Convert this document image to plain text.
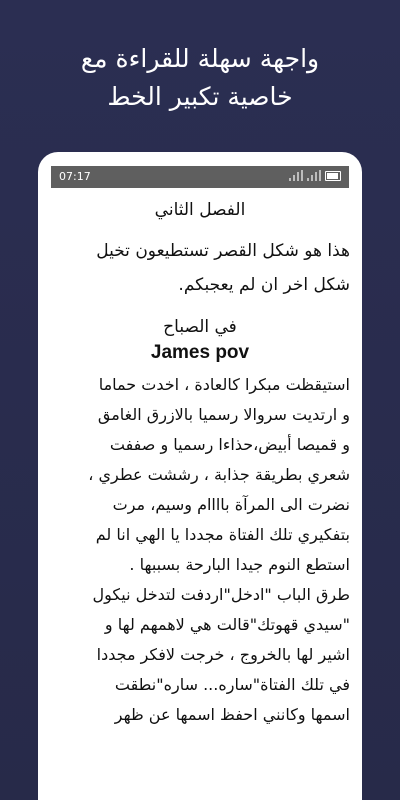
واجهة سهلة للقراءة مع
خاصية تكبير الخط
07:17
الفصل الثاني
هذا هو شكل القصر تستطيعون تخيل
شكل اخر ان لم يعجبكم.
في الصباح
James pov
استيقظت مبكرا كالعادة ، اخدت حماما
و ارتديت سروالا رسميا بالازرق الغامق
و قميصا أبيض،حذاءا رسميا و صففت
شعري بطريقة جذابة ، رششت عطري ،
نضرت الى المرآة باااام وسيم، مرت
بتفكيري تلك الفتاة مجددا يا الهي انا لم
استطع النوم جيدا البارحة بسببها .
طرق الباب "ادخل"اردفت لتدخل نيكول
"سيدي قهوتك"قالت هي لاهمهم لها و
اشير لها بالخروج ، خرجت لافكر مجددا
في تلك الفتاة"ساره... ساره"نطقت
اسمها وكانني احفظ اسمها عن ظهر
